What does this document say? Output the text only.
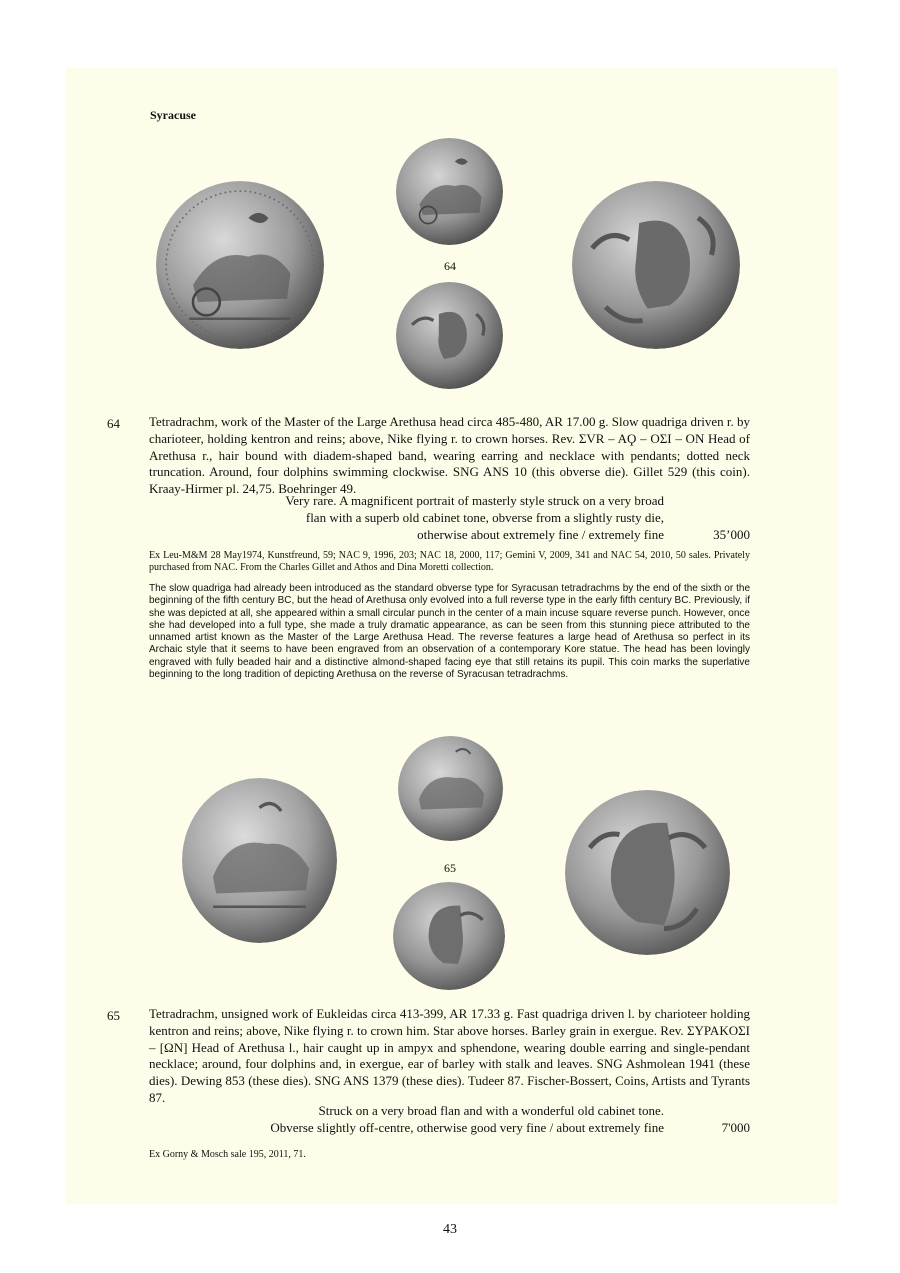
Syracuse
64
64 Tetradrachm, work of the Master of the Large Arethusa head circa 485-480, AR 17.00 g. Slow quadriga driven r. by charioteer, holding kentron and reins; above, Nike flying r. to crown horses. Rev. ΣVR – AϘ – OΣI – ON Head of Arethusa r., hair bound with diadem-shaped band, wearing earring and necklace with pendants; dotted neck truncation. Around, four dolphins swimming clockwise. SNG ANS 10 (this obverse die). Gillet 529 (this coin). Kraay-Hirmer pl. 24,75. Boehringer 49.
Very rare. A magnificent portrait of masterly style struck on a very broad
flan with a superb old cabinet tone, obverse from a slightly rusty die,
otherwise about extremely fine / extremely fine	35’000
Ex Leu-M&M 28 May1974, Kunstfreund, 59; NAC 9, 1996, 203; NAC 18, 2000, 117; Gemini V, 2009, 341 and NAC 54, 2010, 50 sales. Privately purchased from NAC. From the Charles Gillet and Athos and Dina Moretti collection.
The slow quadriga had already been introduced as the standard obverse type for Syracusan tetradrachms by the end of the sixth or the beginning of the fifth century BC, but the head of Arethusa only evolved into a full reverse type in the early fifth century BC. Previously, if she was depicted at all, she appeared within a small circular punch in the center of a main incuse square reverse punch. However, once she had developed into a full type, she made a truly dramatic appearance, as can be seen from this stunning piece attributed to the unnamed artist known as the Master of the Large Arethusa Head. The reverse features a large head of Arethusa so perfect in its Archaic style that it seems to have been engraved from an observation of a contemporary Kore statue. The head has been lovingly engraved with fully beaded hair and a distinctive almond-shaped facing eye that still retains its pupil. This coin marks the superlative beginning to the long tradition of depicting Arethusa on the reverse of Syracusan tetradrachms.
65
65 Tetradrachm, unsigned work of Eukleidas circa 413-399, AR 17.33 g. Fast quadriga driven l. by charioteer holding kentron and reins; above, Nike flying r. to crown him. Star above horses. Barley grain in exergue. Rev. ΣYPAKOΣI – [ΩN] Head of Arethusa l., hair caught up in ampyx and sphendone, wearing double earring and single-pendant necklace; around, four dolphins and, in exergue, ear of barley with stalk and leaves. SNG Ashmolean 1941 (these dies). Dewing 853 (these dies). SNG ANS 1379 (these dies). Tudeer 87. Fischer-Bossert, Coins, Artists and Tyrants 87.
Struck on a very broad flan and with a wonderful old cabinet tone.
Obverse slightly off-centre, otherwise good very fine / about extremely fine	7'000
Ex Gorny & Mosch sale 195, 2011, 71.
43
